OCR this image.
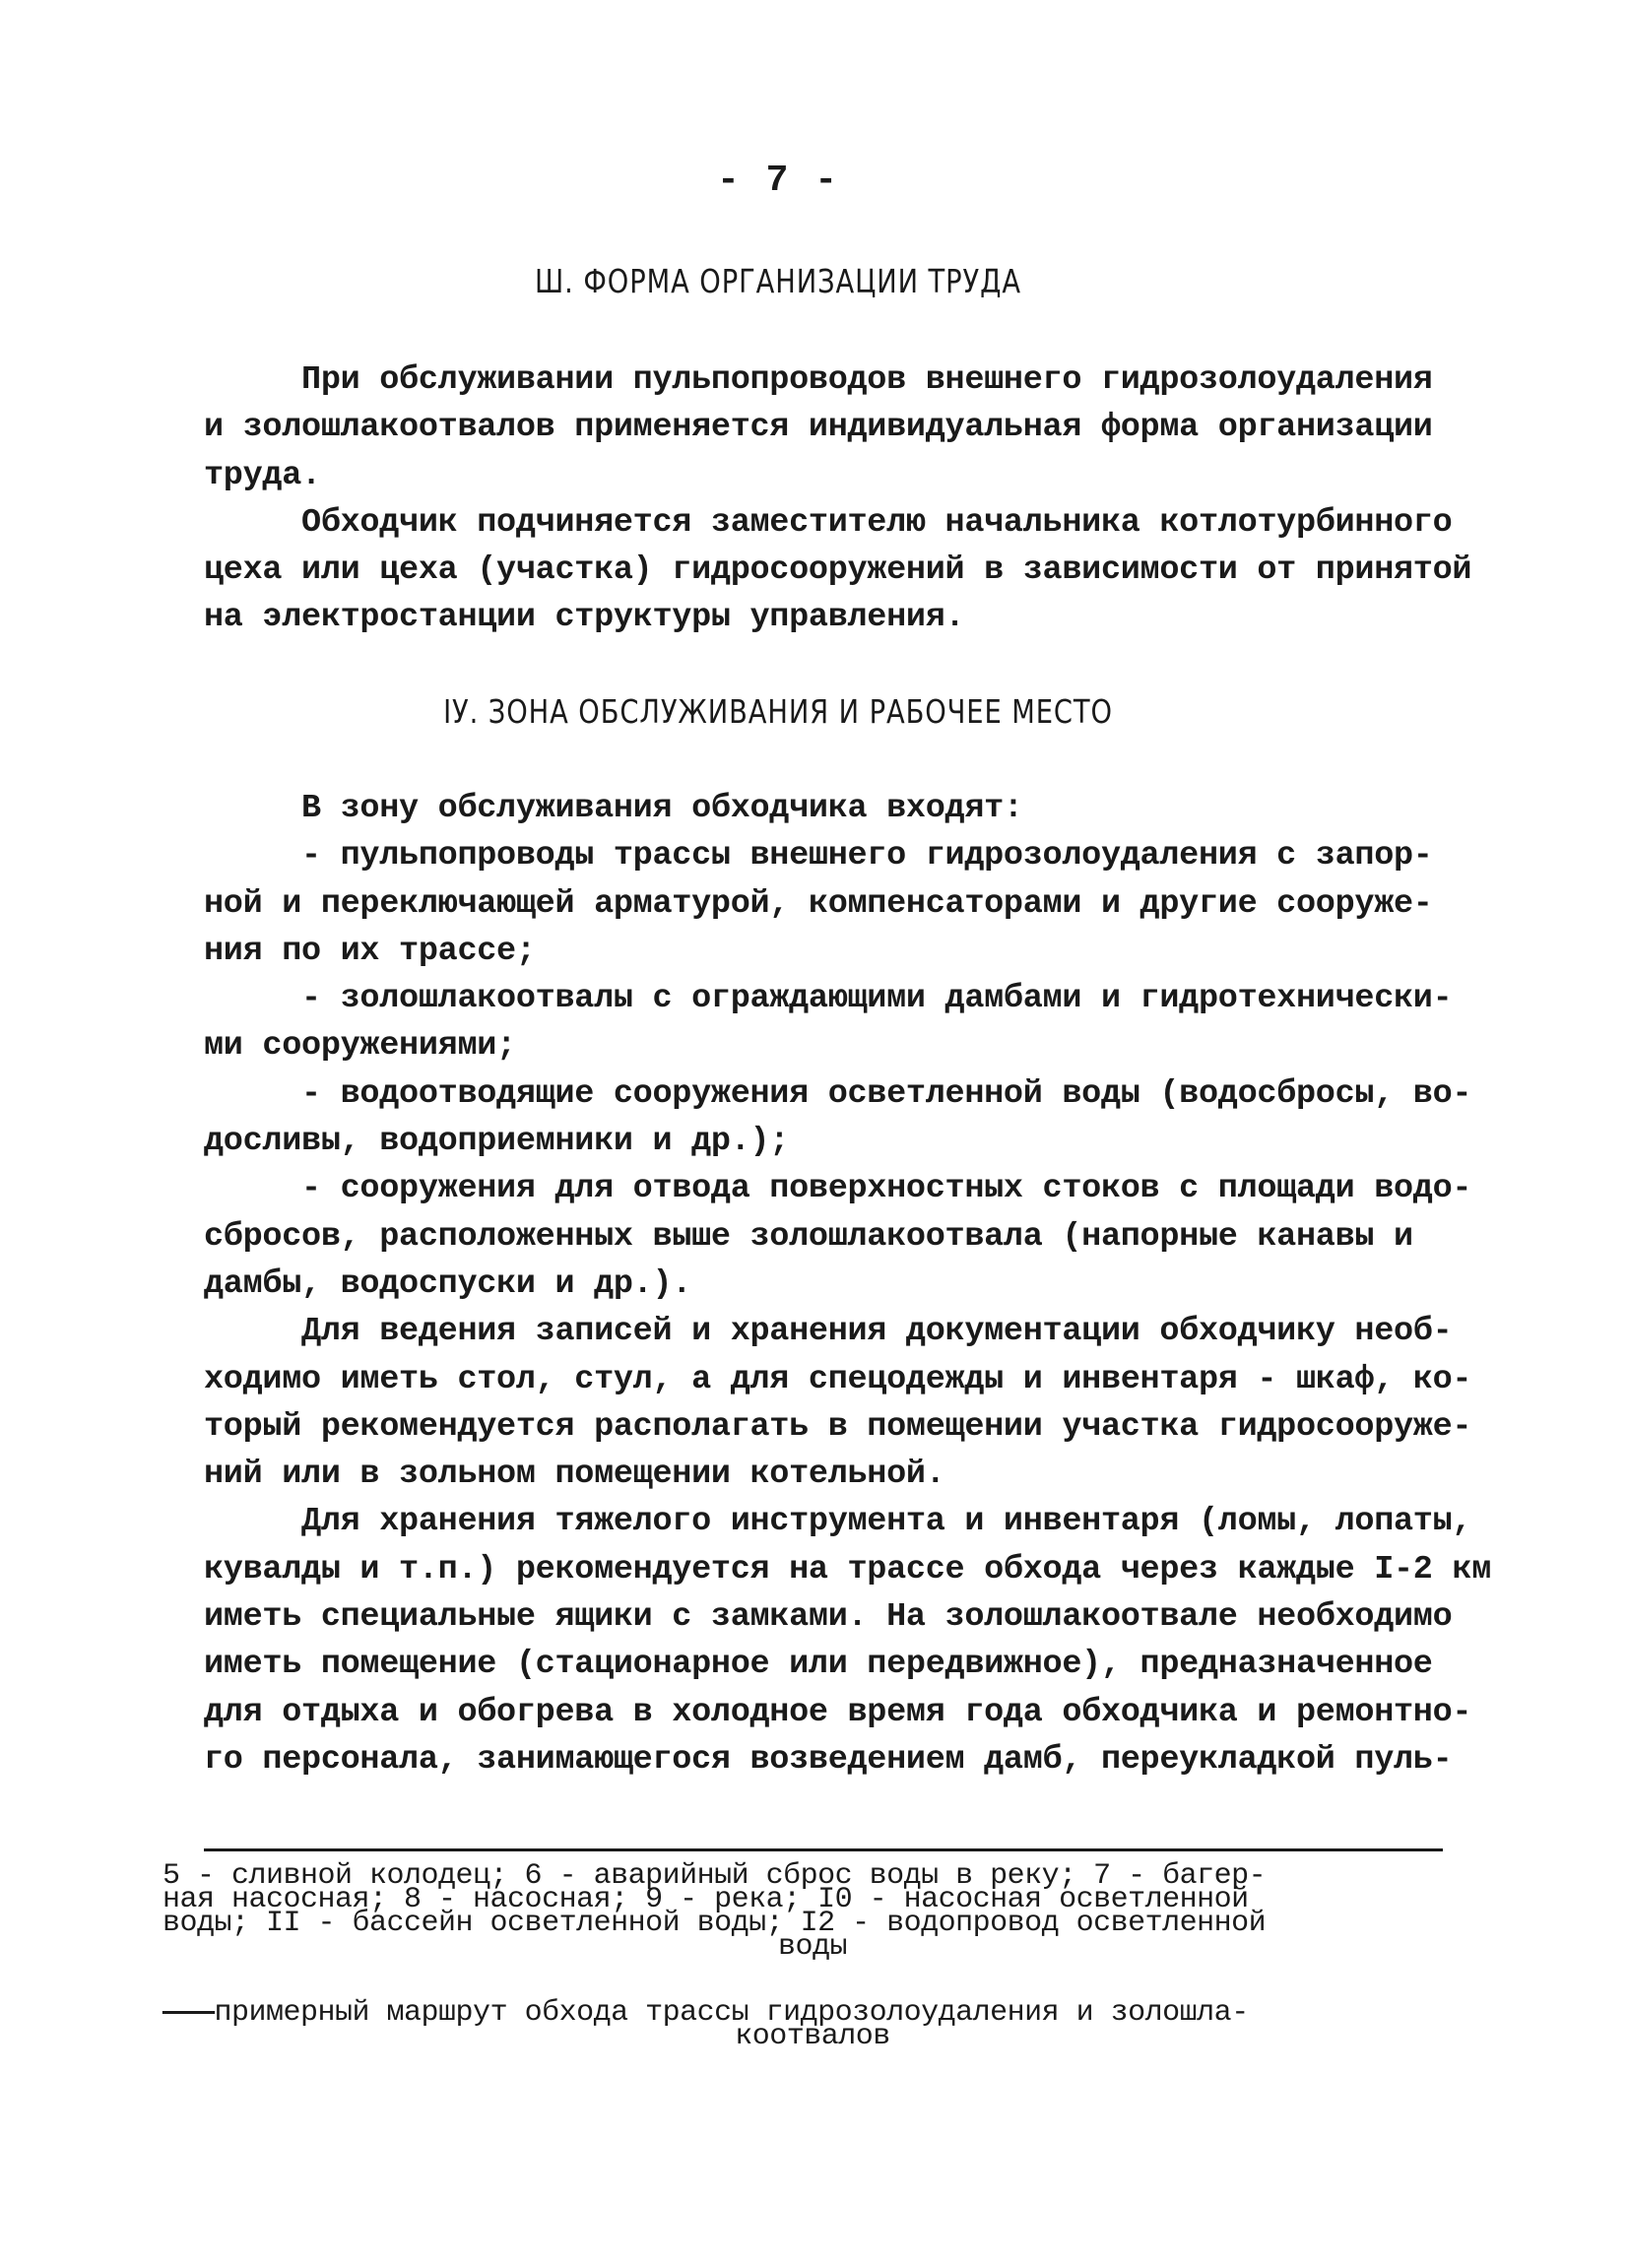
- 7 -
Ш. ФОРМА ОРГАНИЗАЦИИ ТРУДА

При обслуживании пульпопроводов внешнего гидрозолоудаления

и золошлакоотвалов применяется индивидуальная форма организации

труда.

Обходчик подчиняется заместителю начальника котлотурбинного

цеха или цеха (участка) гидросооружений в зависимости от принятой

на электростанции структуры управления.

IУ. ЗОНА ОБСЛУЖИВАНИЯ И РАБОЧЕЕ МЕСТО

В зону обслуживания обходчика входят:

- пульпопроводы трассы внешнего гидрозолоудаления с запор-

ной и переключающей арматурой, компенсаторами и другие сооруже-

ния по их трассе;

- золошлакоотвалы с ограждающими дамбами и гидротехнически-

ми сооружениями;

- водоотводящие сооружения осветленной воды (водосбросы, во-

досливы, водоприемники и др.);

- сооружения для отвода поверхностных стоков с площади водо-

сбросов, расположенных выше золошлакоотвала (напорные канавы и

дамбы, водоспуски и др.).

Для ведения записей и хранения документации обходчику необ-

ходимо иметь стол, стул, а для спецодежды и инвентаря - шкаф, ко-

торый рекомендуется располагать в помещении участка гидросооруже-

ний или в зольном помещении котельной.

Для хранения тяжелого инструмента и инвентаря (ломы, лопаты,

кувалды и т.п.) рекомендуется на трассе обхода через каждые I-2 км

иметь специальные ящики с замками. На золошлакоотвале необходимо

иметь помещение (стационарное или передвижное), предназначенное

для отдыха и обогрева в холодное время года обходчика и ремонтно-

го персонала, занимающегося возведением дамб, переукладкой пуль-

5 - сливной колодец; 6 - аварийный сброс воды в реку; 7 - багер-

ная насосная; 8 - насосная; 9 - река; I0 - насосная осветленной

воды; II - бассейн осветленной воды; I2 - водопровод осветленной

воды

———примерный маршрут обхода трассы гидрозолоудаления и золошла-

коотвалов
